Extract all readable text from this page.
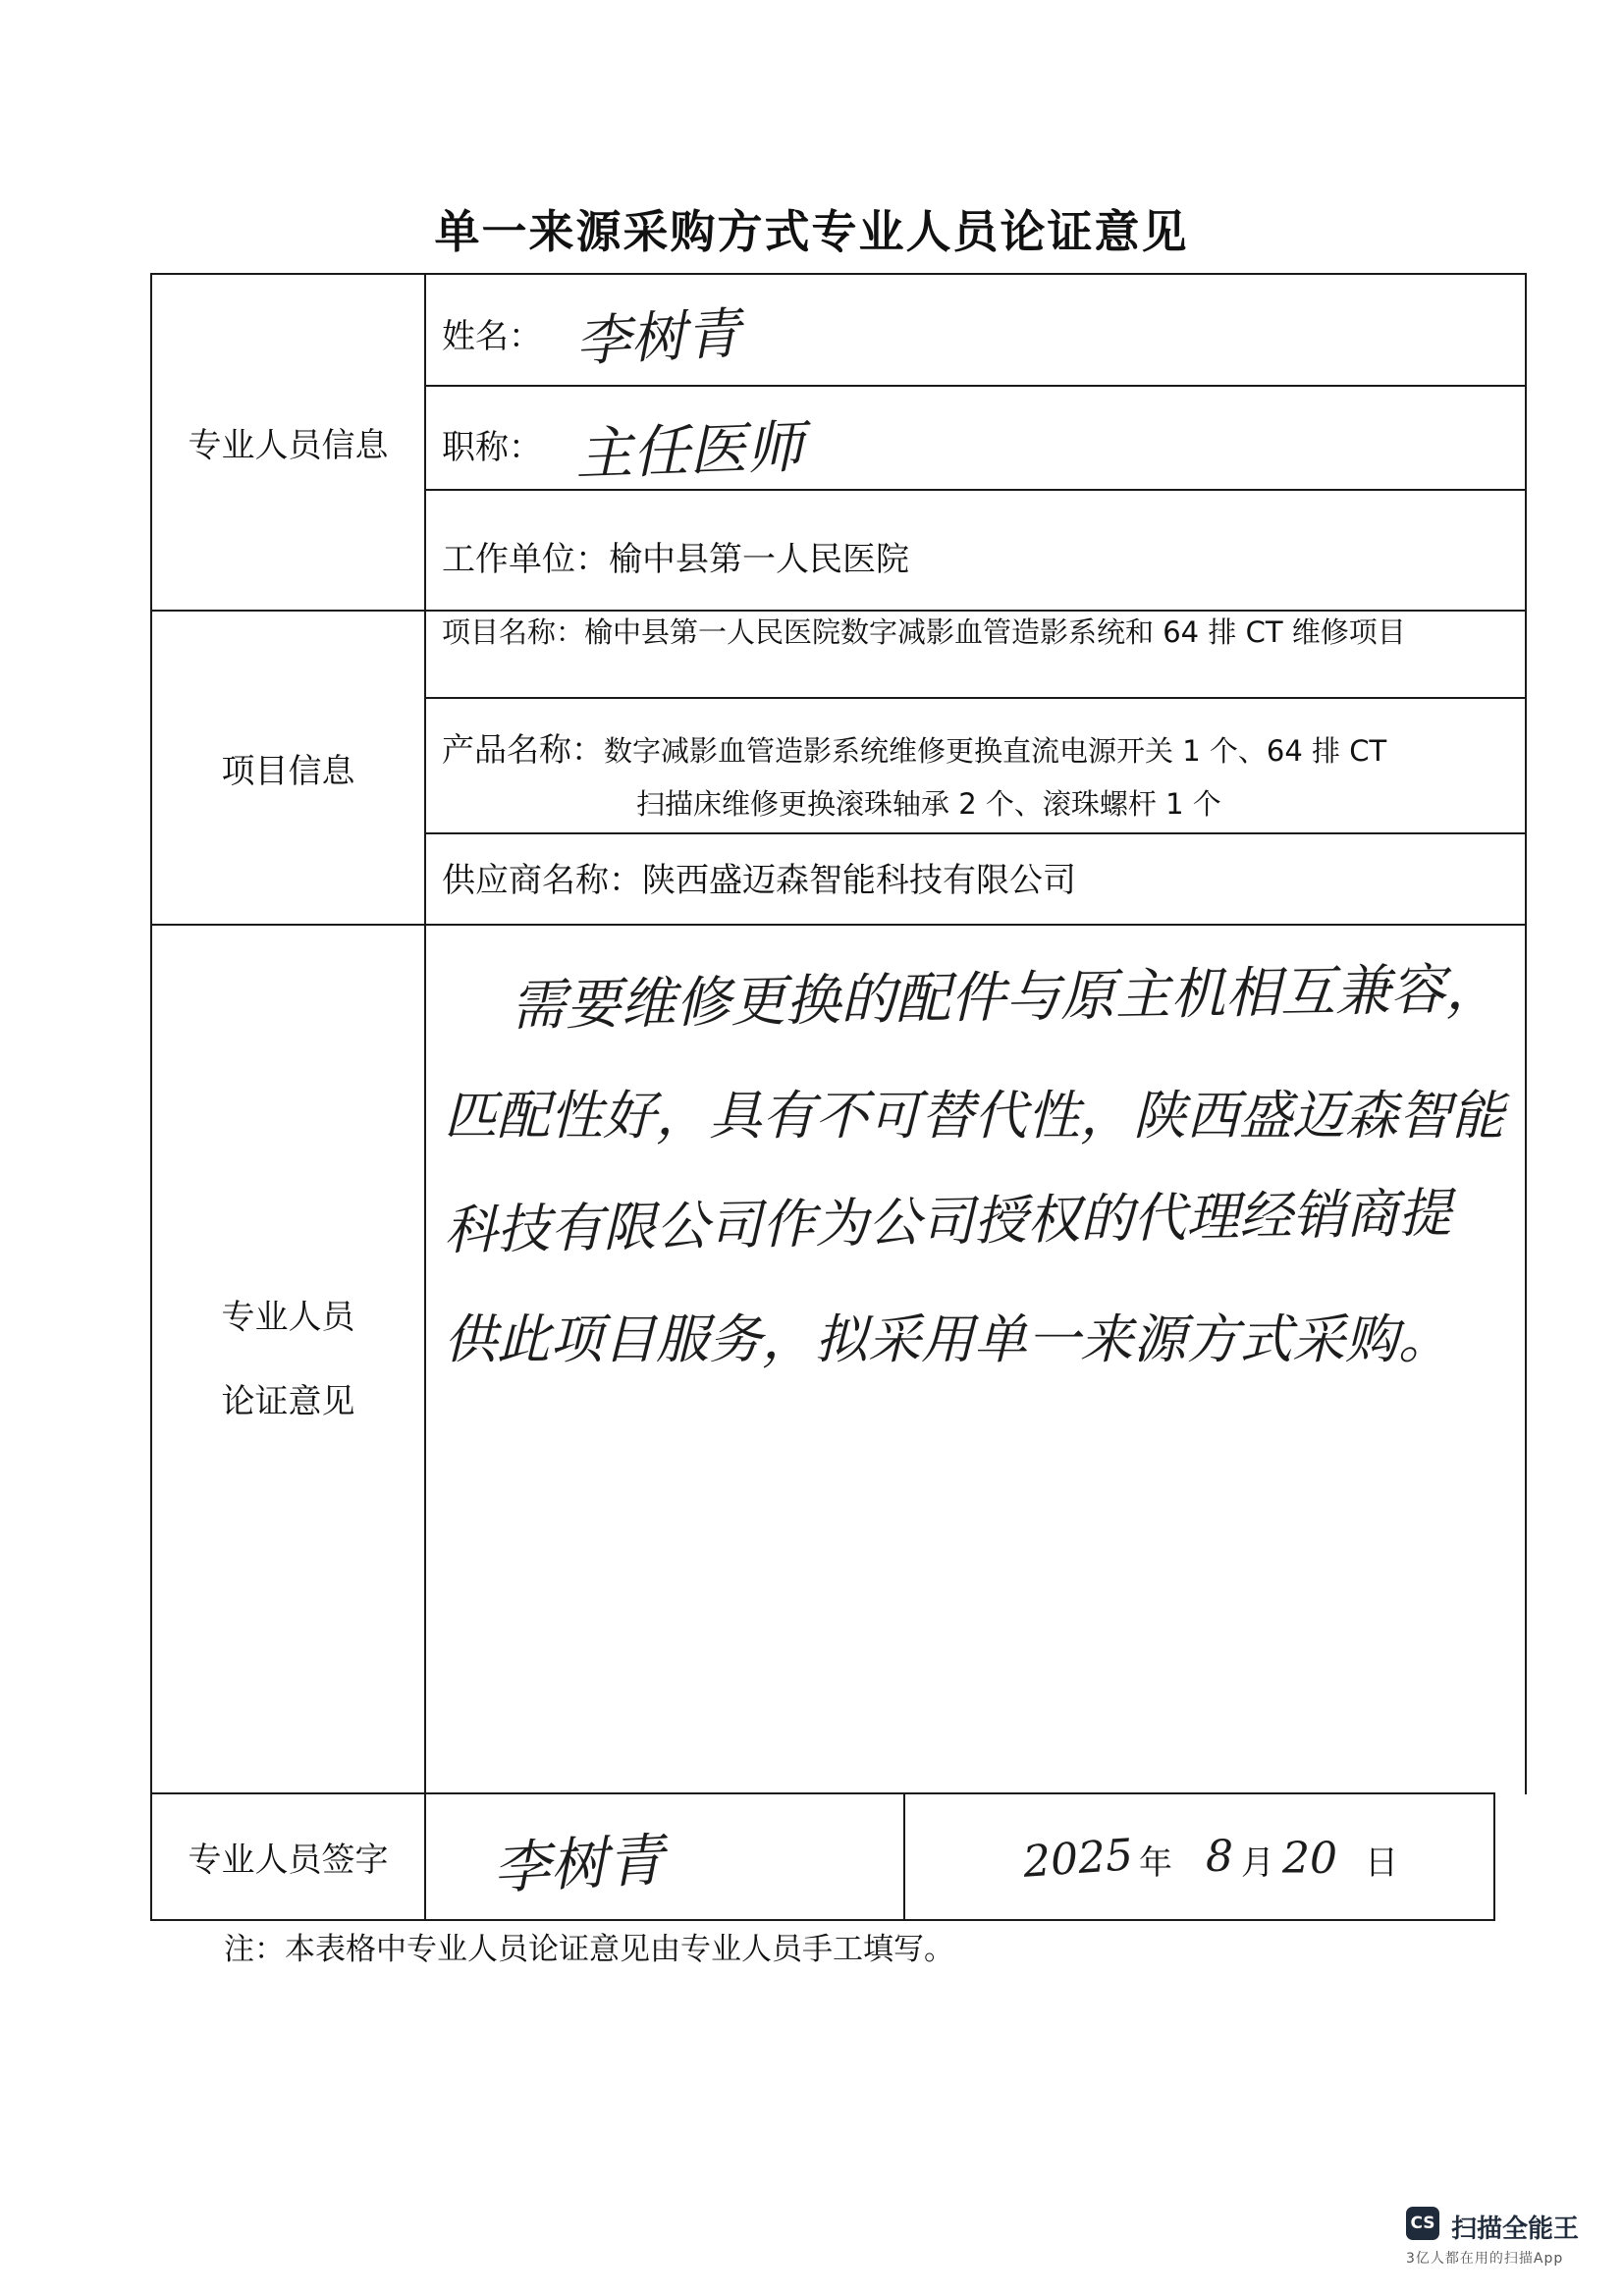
单一来源采购方式专业人员论证意见
专业人员信息
姓名： 李树青
职称： 主任医师
工作单位：榆中县第一人民医院
项目信息
项目名称：榆中县第一人民医院数字减影血管造影系统和 64 排 CT 维修项目
产品名称：数字减影血管造影系统维修更换直流电源开关 1 个、64 排 CT
扫描床维修更换滚珠轴承 2 个、滚珠螺杆 1 个
供应商名称：陕西盛迈森智能科技有限公司
专业人员
论证意见
需要维修更换的配件与原主机相互兼容，
匹配性好，具有不可替代性，陕西盛迈森智能
科技有限公司作为公司授权的代理经销商提
供此项目服务，拟采用单一来源方式采购。
专业人员签字 李树青	2025 年 8 月 20 日
注：本表格中专业人员论证意见由专业人员手工填写。
CS 扫描全能王
3亿人都在用的扫描App
